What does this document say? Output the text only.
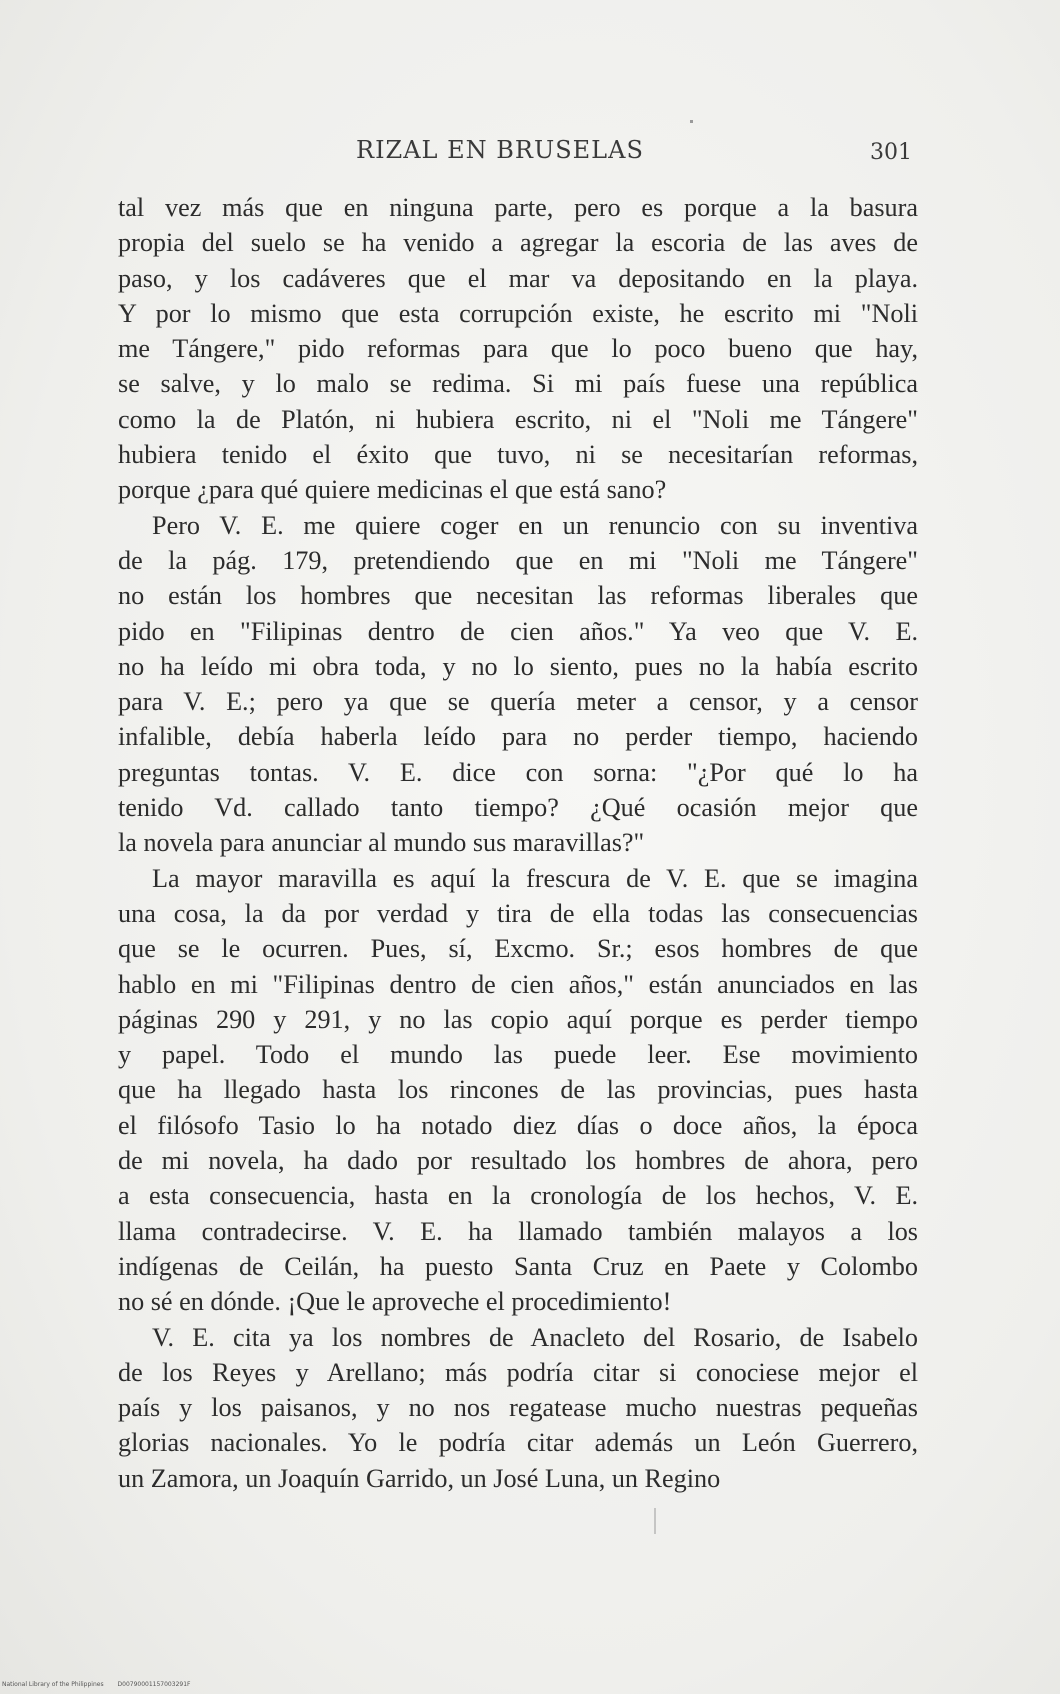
RIZAL EN BRUSELAS	301
tal vez más que en ninguna parte, pero es porque a la basura
propia del suelo se ha venido a agregar la escoria de las aves de
paso, y los cadáveres que el mar va depositando en la playa.
Y por lo mismo que esta corrupción existe, he escrito mi "Noli
me Tángere," pido reformas para que lo poco bueno que hay,
se salve, y lo malo se redima. Si mi país fuese una república
como la de Platón, ni hubiera escrito, ni el "Noli me Tángere"
hubiera tenido el éxito que tuvo, ni se necesitarían reformas,
porque ¿para qué quiere medicinas el que está sano?
Pero V. E. me quiere coger en un renuncio con su inventiva
de la pág. 179, pretendiendo que en mi "Noli me Tángere"
no están los hombres que necesitan las reformas liberales que
pido en "Filipinas dentro de cien años." Ya veo que V. E.
no ha leído mi obra toda, y no lo siento, pues no la había escrito
para V. E.; pero ya que se quería meter a censor, y a censor
infalible, debía haberla leído para no perder tiempo, haciendo
preguntas tontas. V. E. dice con sorna: "¿Por qué lo ha
tenido Vd. callado tanto tiempo? ¿Qué ocasión mejor que
la novela para anunciar al mundo sus maravillas?"
La mayor maravilla es aquí la frescura de V. E. que se imagina
una cosa, la da por verdad y tira de ella todas las consecuencias
que se le ocurren. Pues, sí, Excmo. Sr.; esos hombres de que
hablo en mi "Filipinas dentro de cien años," están anunciados en las
páginas 290 y 291, y no las copio aquí porque es perder tiempo
y papel. Todo el mundo las puede leer. Ese movimiento
que ha llegado hasta los rincones de las provincias, pues hasta
el filósofo Tasio lo ha notado diez días o doce años, la época
de mi novela, ha dado por resultado los hombres de ahora, pero
a esta consecuencia, hasta en la cronología de los hechos, V. E.
llama contradecirse. V. E. ha llamado también malayos a los
indígenas de Ceilán, ha puesto Santa Cruz en Paete y Colombo
no sé en dónde. ¡Que le aproveche el procedimiento!
V. E. cita ya los nombres de Anacleto del Rosario, de Isabelo
de los Reyes y Arellano; más podría citar si conociese mejor el
país y los paisanos, y no nos regatease mucho nuestras pequeñas
glorias nacionales. Yo le podría citar además un León Guerrero,
un Zamora, un Joaquín Garrido, un José Luna, un Regino
National Library of the Philippines D00790001157003291F
